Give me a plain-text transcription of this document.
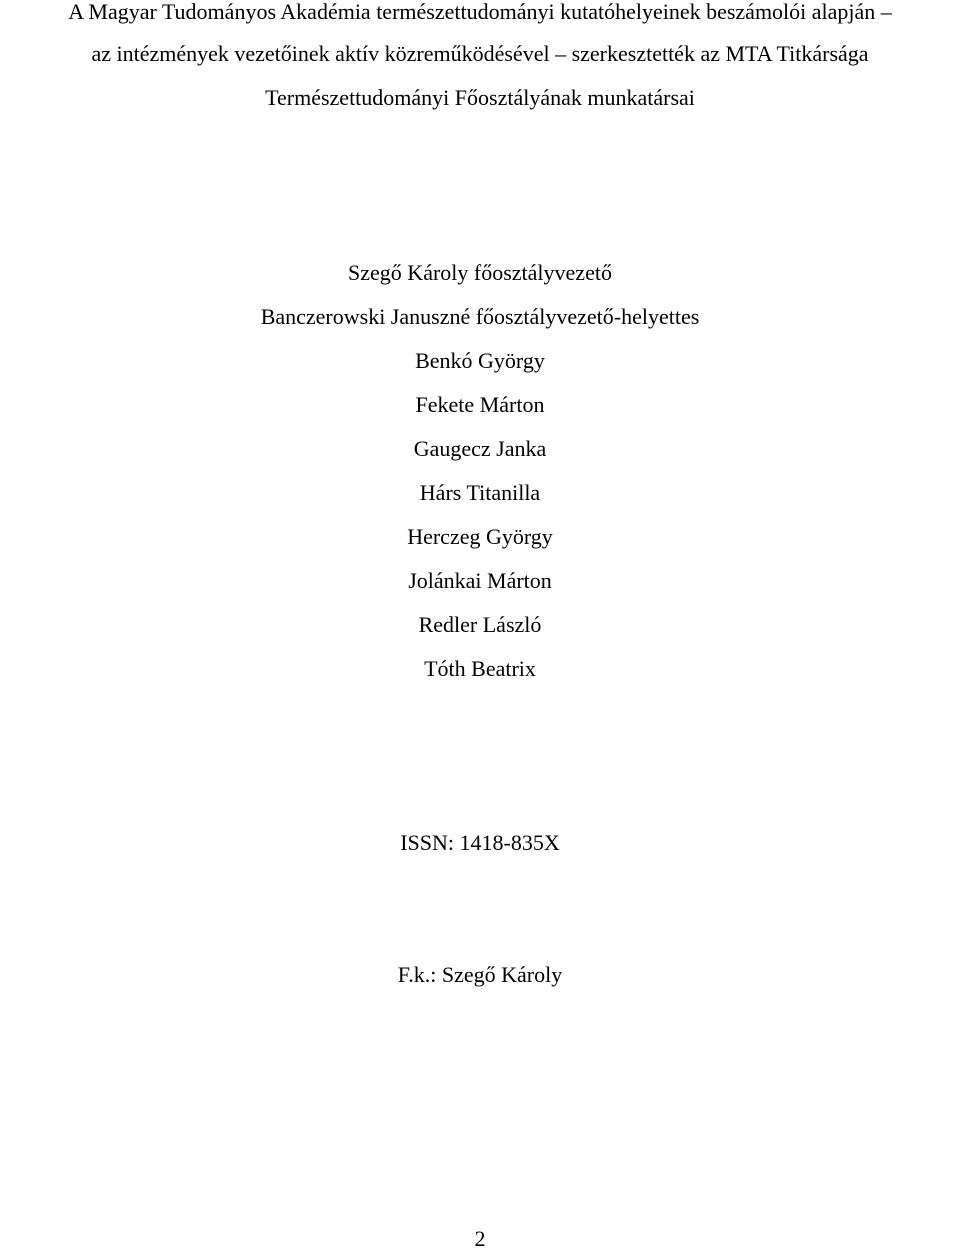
A Magyar Tudományos Akadémia természettudományi kutatóhelyeinek beszámolói alapján –
az intézmények vezetőinek aktív közreműködésével – szerkesztették az MTA Titkársága
Természettudományi Főosztályának munkatársai
Szegő Károly főosztályvezető
Banczerowski Januszné főosztályvezető-helyettes
Benkó György
Fekete Márton
Gaugecz Janka
Hárs Titanilla
Herczeg György
Jolánkai Márton
Redler László
Tóth Beatrix
ISSN: 1418-835X
F.k.: Szegő Károly
2
